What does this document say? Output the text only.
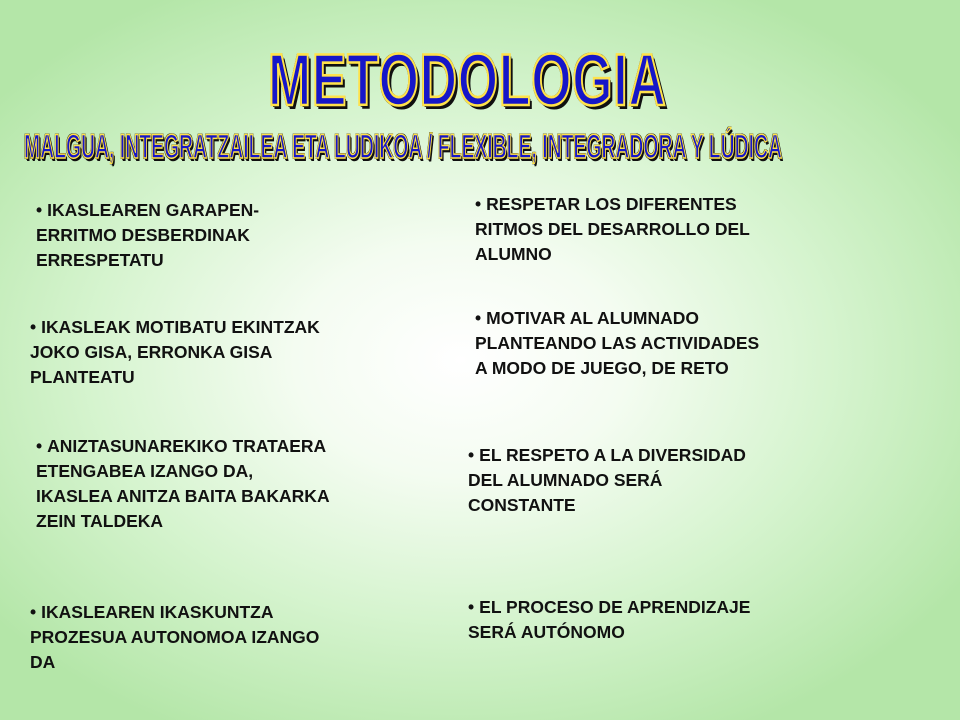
METODOLOGIA
MALGUA, INTEGRATZAILEA ETA LUDIKOA / FLEXIBLE, INTEGRADORA Y LÚDICA

• IKASLEAREN GARAPEN-
ERRITMO DESBERDINAK
ERRESPETATU

• IKASLEAK MOTIBATU EKINTZAK
JOKO GISA, ERRONKA GISA
PLANTEATU

• ANIZTASUNAREKIKO TRATAERA
ETENGABEA IZANGO DA,
IKASLEA ANITZA BAITA BAKARKA
ZEIN TALDEKA

• IKASLEAREN IKASKUNTZA
PROZESUA AUTONOMOA IZANGO
DA

• RESPETAR LOS DIFERENTES
RITMOS DEL DESARROLLO DEL
ALUMNO

• MOTIVAR AL ALUMNADO
PLANTEANDO LAS ACTIVIDADES
A MODO DE JUEGO, DE RETO

• EL RESPETO A LA DIVERSIDAD
DEL ALUMNADO SERÁ
CONSTANTE

• EL PROCESO DE APRENDIZAJE
SERÁ AUTÓNOMO
